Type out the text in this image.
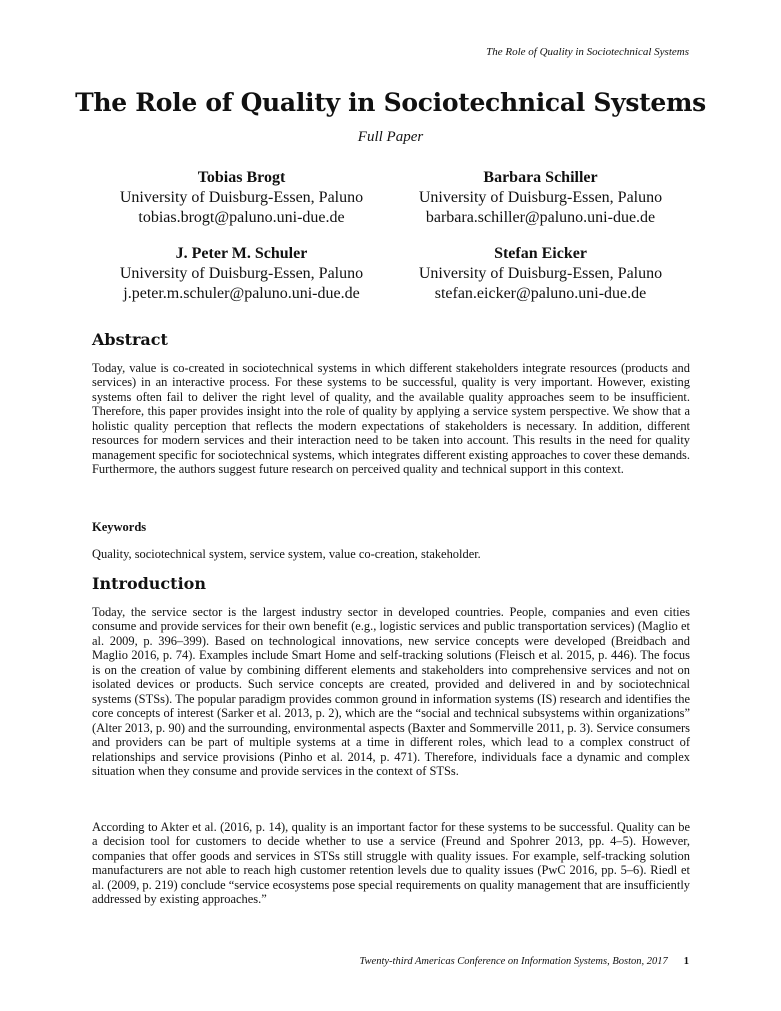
The Role of Quality in Sociotechnical Systems
The Role of Quality in Sociotechnical Systems
Full Paper
Tobias Brogt
University of Duisburg-Essen, Paluno
tobias.brogt@paluno.uni-due.de
Barbara Schiller
University of Duisburg-Essen, Paluno
barbara.schiller@paluno.uni-due.de
J. Peter M. Schuler
University of Duisburg-Essen, Paluno
j.peter.m.schuler@paluno.uni-due.de
Stefan Eicker
University of Duisburg-Essen, Paluno
stefan.eicker@paluno.uni-due.de
Abstract

Today, value is co-created in sociotechnical systems in which different stakeholders integrate resources (products and services) in an interactive process. For these systems to be successful, quality is very important. However, existing systems often fail to deliver the right level of quality, and the available quality approaches seem to be insufficient. Therefore, this paper provides insight into the role of quality by applying a service system perspective. We show that a holistic quality perception that reflects the modern expectations of stakeholders is necessary. In addition, different resources for modern services and their interaction need to be taken into account. This results in the need for quality management specific for sociotechnical systems, which integrates different existing approaches to cover these demands. Furthermore, the authors suggest future research on perceived quality and technical support in this context.

Keywords
Quality, sociotechnical system, service system, value co-creation, stakeholder.
Introduction

Today, the service sector is the largest industry sector in developed countries. People, companies and even cities consume and provide services for their own benefit (e.g., logistic services and public transportation services) (Maglio et al. 2009, p. 396–399). Based on technological innovations, new service concepts were developed (Breidbach and Maglio 2016, p. 74). Examples include Smart Home and self-tracking solutions (Fleisch et al. 2015, p. 446). The focus is on the creation of value by combining different elements and stakeholders into comprehensive services and not on isolated devices or products. Such service concepts are created, provided and delivered in and by sociotechnical systems (STSs). The popular paradigm provides common ground in information systems (IS) research and identifies the core concepts of interest (Sarker et al. 2013, p. 2), which are the “social and technical subsystems within organizations” (Alter 2013, p. 90) and the surrounding, environmental aspects (Baxter and Sommerville 2011, p. 3). Service consumers and providers can be part of multiple systems at a time in different roles, which lead to a complex construct of relationships and service provisions (Pinho et al. 2014, p. 471). Therefore, individuals face a dynamic and complex situation when they consume and provide services in the context of STSs.

According to Akter et al. (2016, p. 14), quality is an important factor for these systems to be successful. Quality can be a decision tool for customers to decide whether to use a service (Freund and Spohrer 2013, pp. 4–5). However, companies that offer goods and services in STSs still struggle with quality issues. For example, self-tracking solution manufacturers are not able to reach high customer retention levels due to quality issues (PwC 2016, pp. 5–6). Riedl et al. (2009, p. 219) conclude “service ecosystems pose special requirements on quality management that are insufficiently addressed by existing approaches.”

Twenty-third Americas Conference on Information Systems, Boston, 2017 1
